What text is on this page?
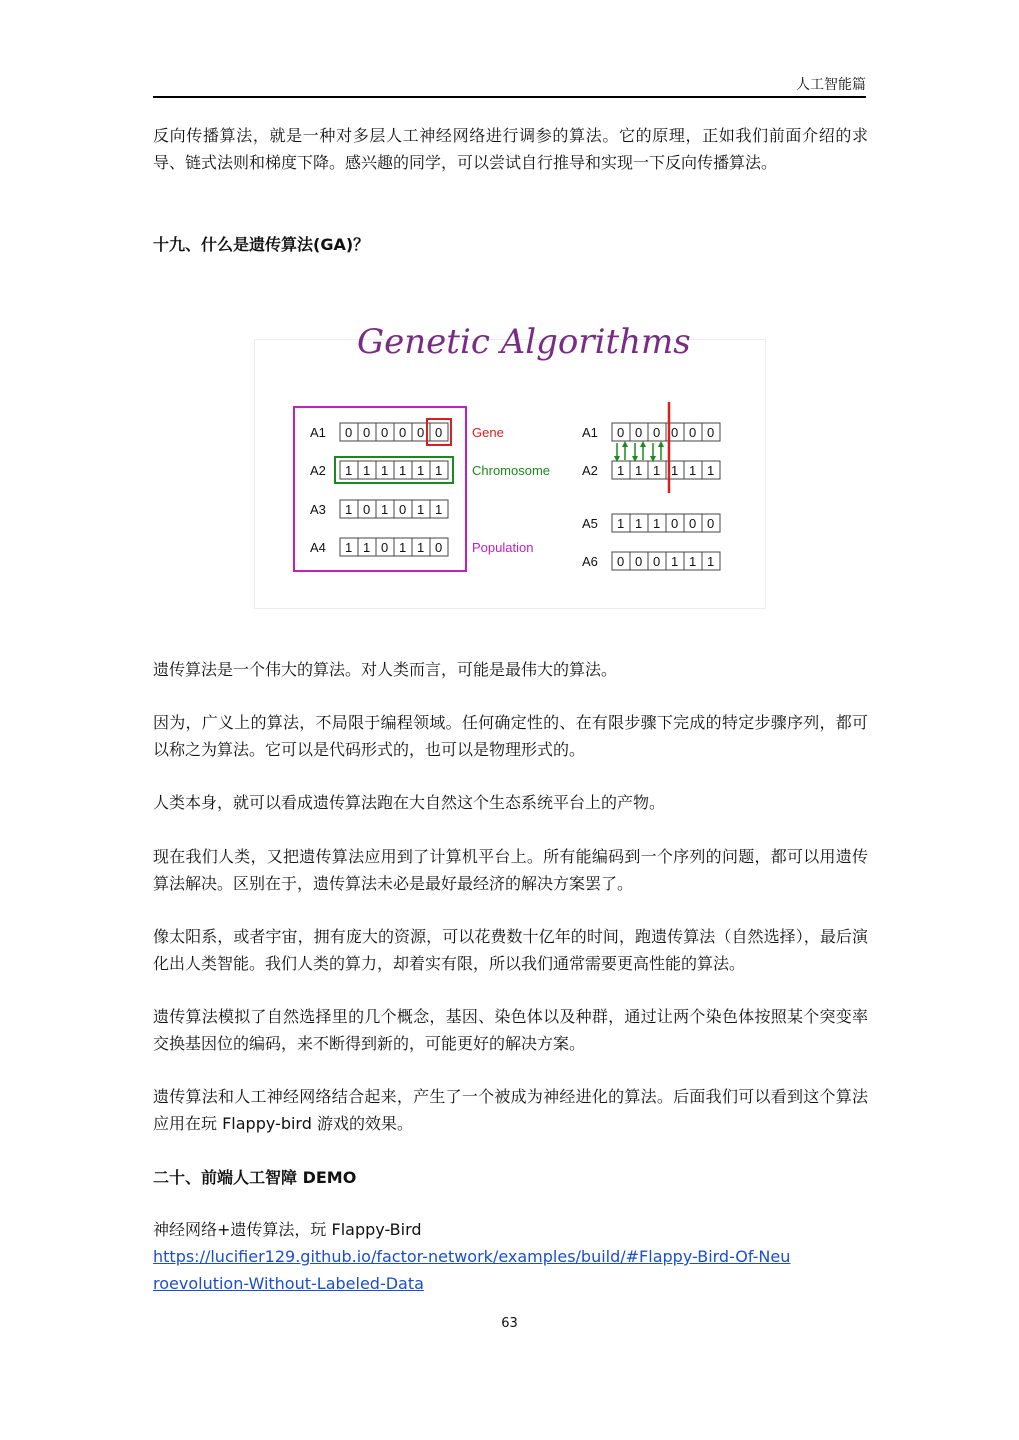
人工智能篇

反向传播算法，就是一种对多层人工神经网络进行调参的算法。它的原理，正如我们前面介绍的求导、链式法则和梯度下降。感兴趣的同学，可以尝试自行推导和实现一下反向传播算法。

十九、什么是遗传算法(GA)？

A1 0 0 0 0 0 0
A2 1 1 1 1 1 1
A3 1 0 1 0 1 1
A4 1 1 0 1 1 0
Gene
Chromosome
Population
A1 0 0 0 0 0 0
A2 1 1 1 1 1 1
A5 1 1 1 0 0 0
A6 0 0 0 1 1 1
Genetic Algorithms

遗传算法是一个伟大的算法。对人类而言，可能是最伟大的算法。

因为，广义上的算法，不局限于编程领域。任何确定性的、在有限步骤下完成的特定步骤序列，都可以称之为算法。它可以是代码形式的，也可以是物理形式的。

人类本身，就可以看成遗传算法跑在大自然这个生态系统平台上的产物。

现在我们人类，又把遗传算法应用到了计算机平台上。所有能编码到一个序列的问题，都可以用遗传算法解决。区别在于，遗传算法未必是最好最经济的解决方案罢了。

像太阳系，或者宇宙，拥有庞大的资源，可以花费数十亿年的时间，跑遗传算法（自然选择），最后演化出人类智能。我们人类的算力，却着实有限，所以我们通常需要更高性能的算法。

遗传算法模拟了自然选择里的几个概念，基因、染色体以及种群，通过让两个染色体按照某个突变率交换基因位的编码，来不断得到新的，可能更好的解决方案。

遗传算法和人工神经网络结合起来，产生了一个被成为神经进化的算法。后面我们可以看到这个算法应用在玩 Flappy-bird 游戏的效果。

二十、前端人工智障 DEMO

神经网络+遗传算法，玩 Flappy-Bird

https://lucifier129.github.io/factor-network/examples/build/#Flappy-Bird-Of-Neuroevolution-Without-Labeled-Data

63
